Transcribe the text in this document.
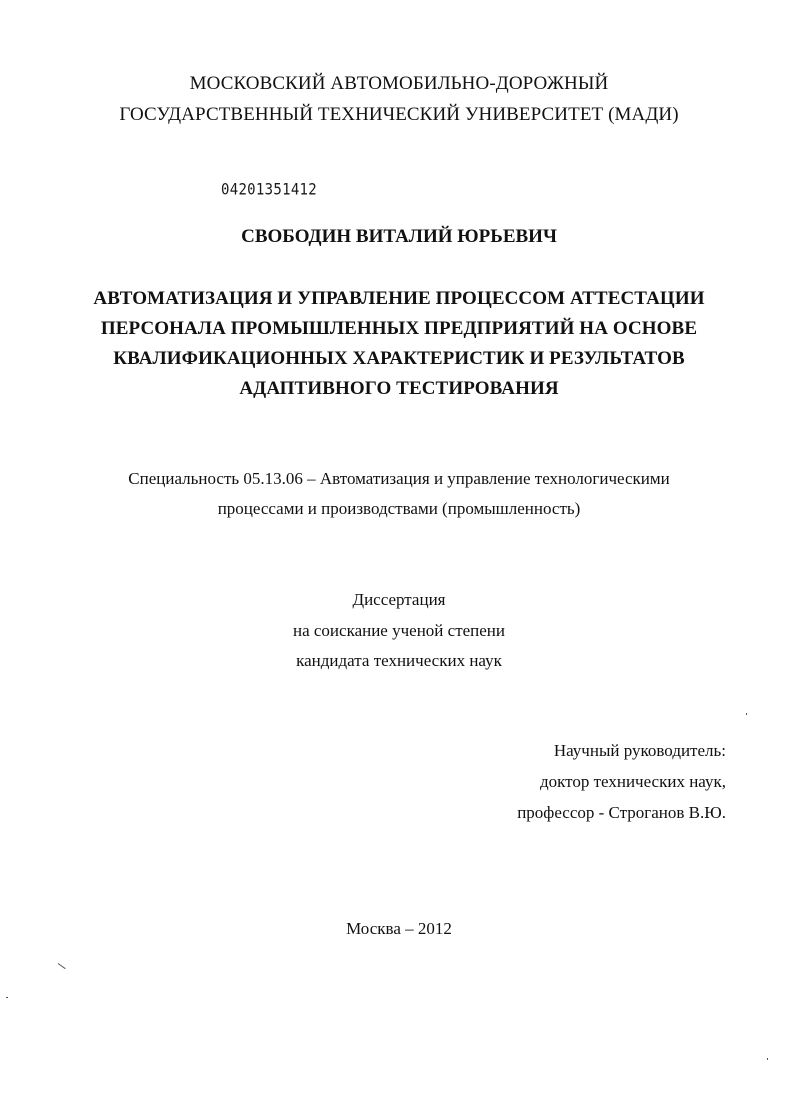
МОСКОВСКИЙ АВТОМОБИЛЬНО-ДОРОЖНЫЙ
ГОСУДАРСТВЕННЫЙ ТЕХНИЧЕСКИЙ УНИВЕРСИТЕТ (МАДИ)
04201351412
СВОБОДИН ВИТАЛИЙ ЮРЬЕВИЧ
АВТОМАТИЗАЦИЯ И УПРАВЛЕНИЕ ПРОЦЕССОМ АТТЕСТАЦИИ
ПЕРСОНАЛА ПРОМЫШЛЕННЫХ ПРЕДПРИЯТИЙ НА ОСНОВЕ
КВАЛИФИКАЦИОННЫХ ХАРАКТЕРИСТИК И РЕЗУЛЬТАТОВ
АДАПТИВНОГО ТЕСТИРОВАНИЯ
Специальность 05.13.06 – Автоматизация и управление технологическими
процессами и производствами (промышленность)
Диссертация
на соискание ученой степени
кандидата технических наук
Научный руководитель:
доктор технических наук,
профессор - Строганов В.Ю.
Москва – 2012
